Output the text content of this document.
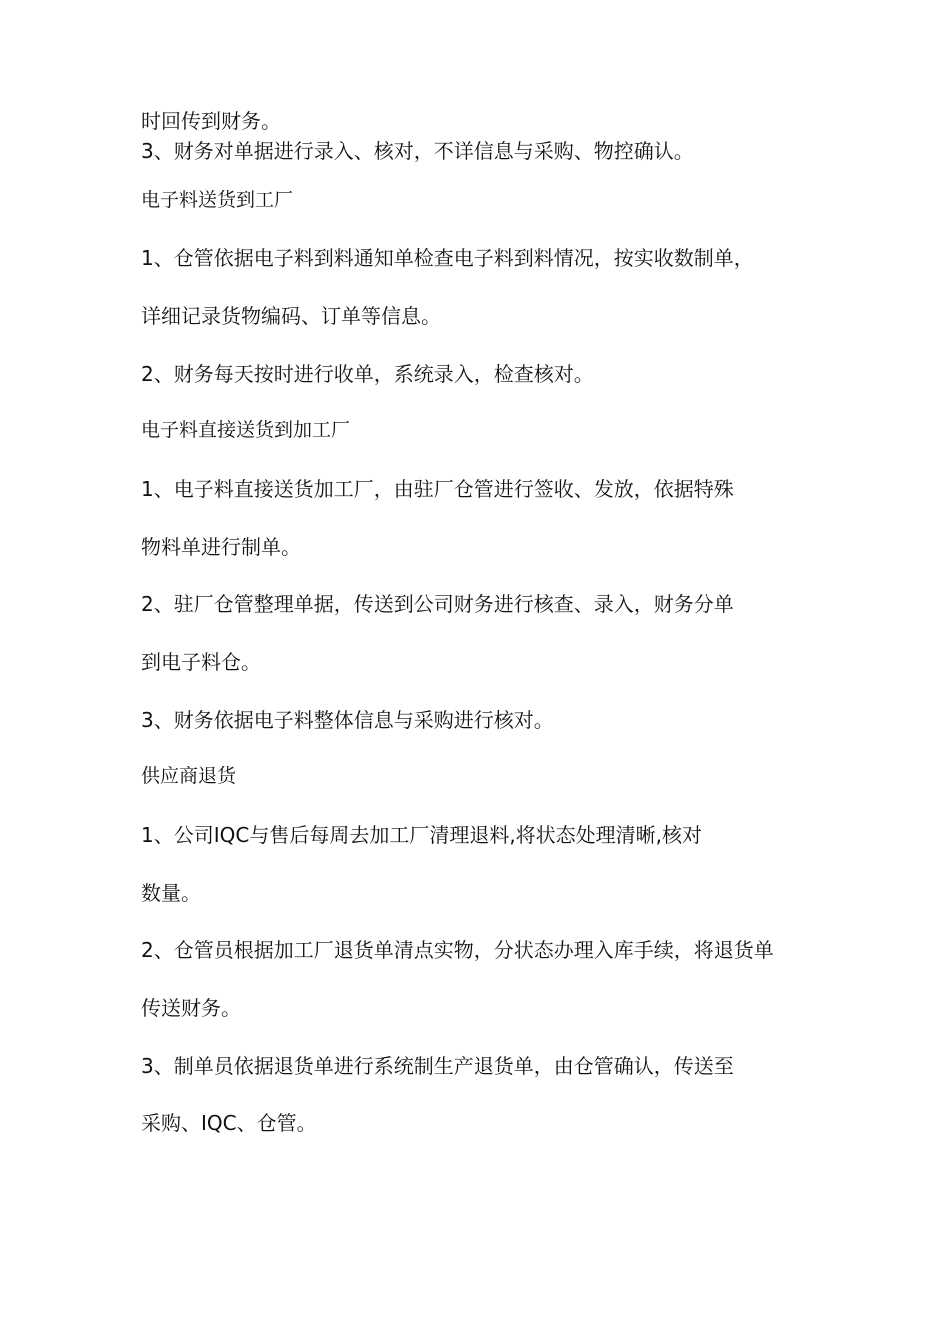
时回传到财务。
3、财务对单据进行录入、核对，不详信息与采购、物控确认。
电子料送货到工厂
1、仓管依据电子料到料通知单检查电子料到料情况，按实收数制单，
详细记录货物编码、订单等信息。
2、财务每天按时进行收单，系统录入，检查核对。
电子料直接送货到加工厂
1、电子料直接送货加工厂，由驻厂仓管进行签收、发放，依据特殊
物料单进行制单。
2、驻厂仓管整理单据，传送到公司财务进行核查、录入，财务分单
到电子料仓。
3、财务依据电子料整体信息与采购进行核对。
供应商退货
1、公司IQC与售后每周去加工厂清理退料,将状态处理清晰,核对
数量。
2、仓管员根据加工厂退货单清点实物，分状态办理入库手续，将退货单
传送财务。
3、制单员依据退货单进行系统制生产退货单，由仓管确认，传送至
采购、IQC、仓管。
